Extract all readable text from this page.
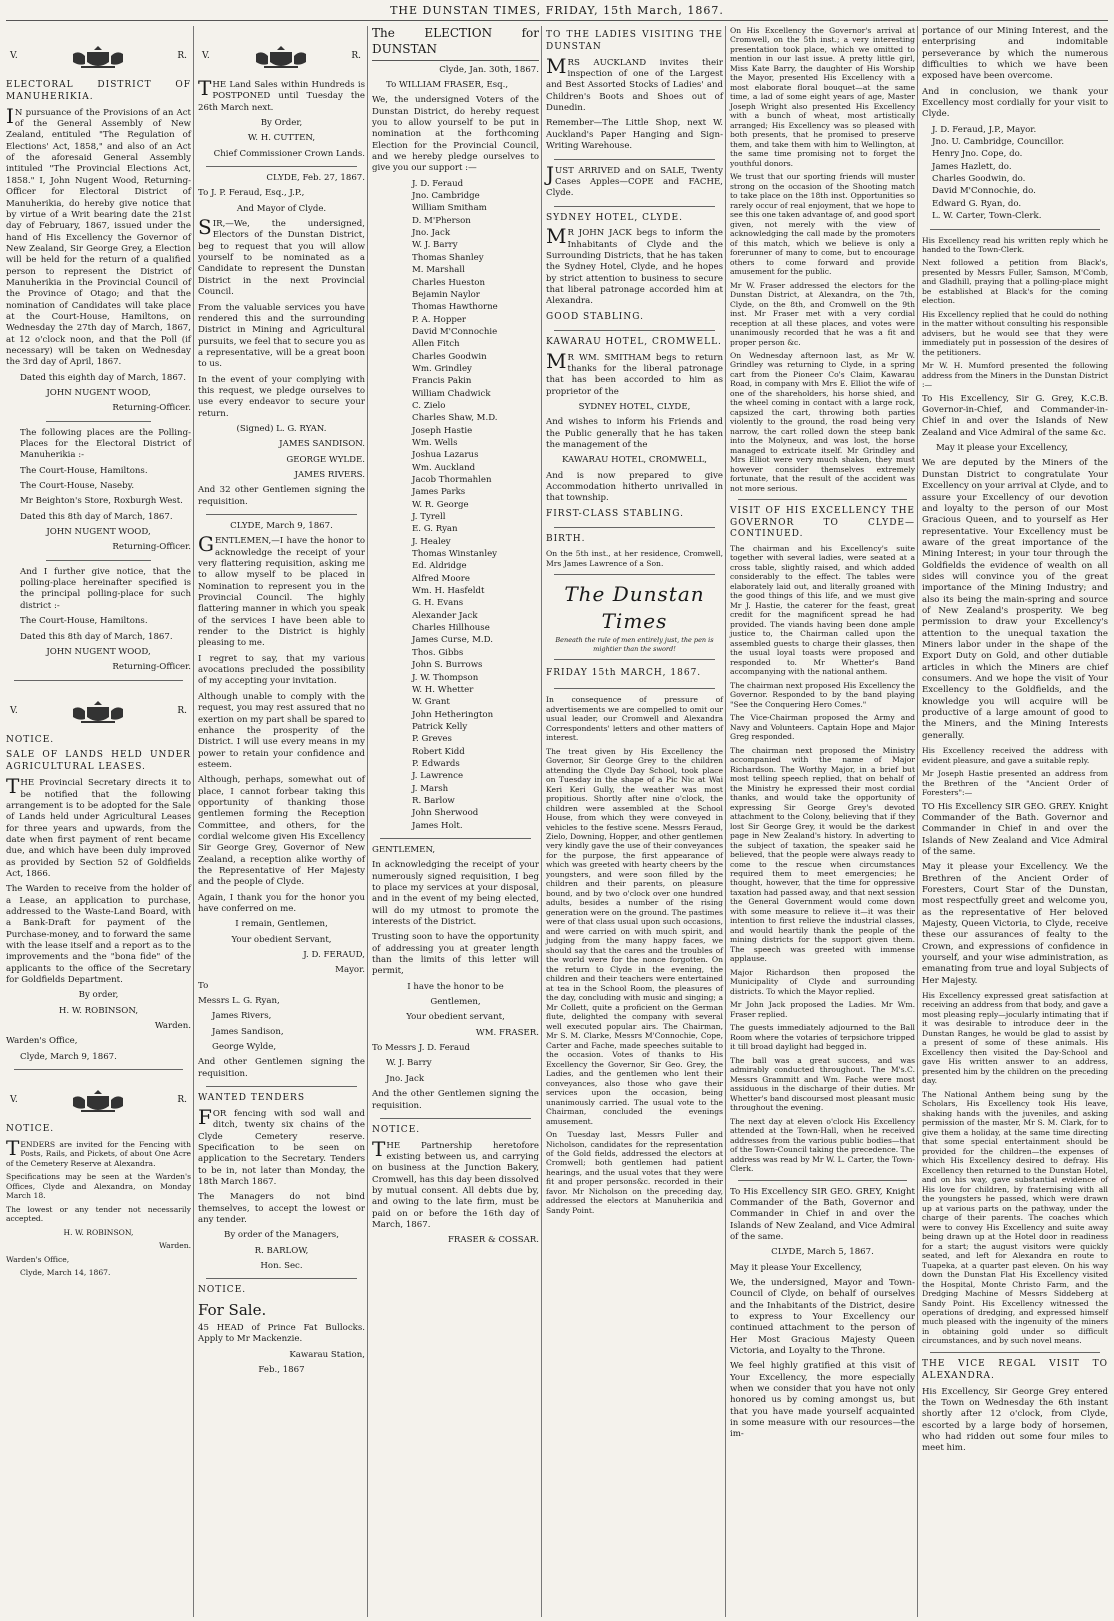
THE DUNSTAN TIMES, FRIDAY, 15th March, 1867.
V.	R.

ELECTORAL DISTRICT OF MANUHERIKIA.

IN pursuance of the Provisions of an Act of the General Assembly of New Zealand, entituled "The Regulation of Elections' Act, 1858," and also of an Act of the aforesaid General Assembly intituled "The Provincial Elections Act, 1858." I, John Nugent Wood, Returning-Officer for Electoral District of Manuherikia, do hereby give notice that by virtue of a Writ bearing date the 21st day of February, 1867, issued under the hand of His Excellency the Governor of New Zealand, Sir George Grey, a Election will be held for the return of a qualified person to represent the District of Manuherikia in the Provincial Council of the Province of Otago; and that the nomination of Candidates will take place at the Court-House, Hamiltons, on Wednesday the 27th day of March, 1867, at 12 o'clock noon, and that the Poll (if necessary) will be taken on Wednesday the 3rd day of April, 1867.

Dated this eighth day of March, 1867.

JOHN NUGENT WOOD,

Returning-Officer.

The following places are the Polling-Places for the Electoral District of Manuherikia :-

The Court-House, Hamiltons.

The Court-House, Naseby.

Mr Beighton's Store, Roxburgh West.

Dated this 8th day of March, 1867.

JOHN NUGENT WOOD,

Returning-Officer.

And I further give notice, that the polling-place hereinafter specified is the principal polling-place for such district :-

The Court-House, Hamiltons.

Dated this 8th day of March, 1867.

JOHN NUGENT WOOD,

Returning-Officer.

V.	R.

NOTICE.

SALE OF LANDS HELD UNDER AGRICULTURAL LEASES.

THE Provincial Secretary directs it to be notified that the following arrangement is to be adopted for the Sale of Lands held under Agricultural Leases for three years and upwards, from the date when first payment of rent became due, and which have been duly improved as provided by Section 52 of Goldfields Act, 1866.

The Warden to receive from the holder of a Lease, an application to purchase, addressed to the Waste-Land Board, with a Bank-Draft for payment of the Purchase-money, and to forward the same with the lease itself and a report as to the improvements and the "bona fide" of the applicants to the office of the Secretary for Goldfields Department.

By order,

H. W. ROBINSON,

Warden.

Warden's Office,

Clyde, March 9, 1867.

V.	R.

NOTICE.

TENDERS are invited for the Fencing with Posts, Rails, and Pickets, of about One Acre of the Cemetery Reserve at Alexandra.

Specifications may be seen at the Warden's Offices, Clyde and Alexandra, on Monday March 18.

The lowest or any tender not necessarily accepted.

H. W. ROBINSON,

Warden.

Warden's Office,

Clyde, March 14, 1867.

V.	R.

THE Land Sales within Hundreds is POSTPONED until Tuesday the 26th March next.

By Order,

W. H. CUTTEN,

Chief Commissioner Crown Lands.

CLYDE, Feb. 27, 1867.

To J. P. Feraud, Esq., J.P.,

And Mayor of Clyde.

SIR,—We, the undersigned, Electors of the Dunstan District, beg to request that you will allow yourself to be nominated as a Candidate to represent the Dunstan District in the next Provincial Council.

From the valuable services you have rendered this and the surrounding District in Mining and Agricultural pursuits, we feel that to secure you as a representative, will be a great boon to us.

In the event of your complying with this request, we pledge ourselves to use every endeavor to secure your return.

(Signed) L. G. RYAN.

JAMES SANDISON.

GEORGE WYLDE.

JAMES RIVERS.

And 32 other Gentlemen signing the requisition.

CLYDE, March 9, 1867.

GENTLEMEN,—I have the honor to acknowledge the receipt of your very flattering requisition, asking me to allow myself to be placed in Nomination to represent you in the Provincial Council. The highly flattering manner in which you speak of the services I have been able to render to the District is highly pleasing to me.

I regret to say, that my various avocations precluded the possibility of my accepting your invitation.

Although unable to comply with the request, you may rest assured that no exertion on my part shall be spared to enhance the prosperity of the District. I will use every means in my power to retain your confidence and esteem.

Although, perhaps, somewhat out of place, I cannot forbear taking this opportunity of thanking those gentlemen forming the Reception Committee, and others, for the cordial welcome given His Excellency Sir George Grey, Governor of New Zealand, a reception alike worthy of the Representative of Her Majesty and the people of Clyde.

Again, I thank you for the honor you have conferred on me.

I remain, Gentlemen,

Your obedient Servant,

J. D. FERAUD,

Mayor.

To

Messrs L. G. Ryan,

James Rivers,

James Sandison,

George Wylde,

And other Gentlemen signing the requisition.

WANTED TENDERS

FOR fencing with sod wall and ditch, twenty six chains of the Clyde Cemetery reserve. Specification to be seen on application to the Secretary. Tenders to be in, not later than Monday, the 18th March 1867.

The Managers do not bind themselves, to accept the lowest or any tender.

By order of the Managers,

R. BARLOW,

Hon. Sec.

NOTICE.

For Sale.

45 HEAD of Prince Fat Bullocks. Apply to Mr Mackenzie.

Kawarau Station,

Feb., 1867

The ELECTION for DUNSTAN

Clyde, Jan. 30th, 1867.

To WILLIAM FRASER, Esq.,

We, the undersigned Voters of the Dunstan District, do hereby request you to allow yourself to be put in nomination at the forthcoming Election for the Provincial Council, and we hereby pledge ourselves to give you our support :—

J. D. Feraud
Jno. Cambridge
William Smitham
D. M'Pherson
Jno. Jack
W. J. Barry
Thomas Shanley
M. Marshall
Charles Hueston
Bejamin Naylor
Thomas Hawthorne
P. A. Hopper
David M'Connochie
Allen Fitch
Charles Goodwin
Wm. Grindley
Francis Pakin
William Chadwick
C. Zielo
Charles Shaw, M.D.
Joseph Hastie
Wm. Wells
Joshua Lazarus
Wm. Auckland
Jacob Thormahlen
James Parks
W. R. George
J. Tyrell
E. G. Ryan
J. Healey
Thomas Winstanley
Ed. Aldridge
Alfred Moore
Wm. H. Hasfeldt
G. H. Evans
Alexander Jack
Charles Hillhouse
James Curse, M.D.
Thos. Gibbs
John S. Burrows
J. W. Thompson
W. H. Whetter
W. Grant
John Hetherington
Patrick Kelly
P. Greves
Robert Kidd
P. Edwards
J. Lawrence
J. Marsh
R. Barlow
John Sherwood
James Holt.

GENTLEMEN,

In acknowledging the receipt of your numerously signed requisition, I beg to place my services at your disposal, and in the event of my being elected, will do my utmost to promote the interests of the District.

Trusting soon to have the opportunity of addressing you at greater length than the limits of this letter will permit,

I have the honor to be

Gentlemen,

Your obedient servant,

WM. FRASER.

To Messrs J. D. Feraud

W. J. Barry

Jno. Jack

And the other Gentlemen signing the requisition.

NOTICE.

THE Partnership heretofore existing between us, and carrying on business at the Junction Bakery, Cromwell, has this day been dissolved by mutual consent. All debts due by, and owing to the late firm, must be paid on or before the 16th day of March, 1867.

FRASER & COSSAR.

TO THE LADIES VISITING THE DUNSTAN

MRS AUCKLAND invites their inspection of one of the Largest and Best Assorted Stocks of Ladies' and Children's Boots and Shoes out of Dunedin.

Remember—The Little Shop, next W. Auckland's Paper Hanging and Sign-Writing Warehouse.

JUST ARRIVED and on SALE, Twenty Cases Apples—COPE and FACHE, Clyde.

SYDNEY HOTEL, CLYDE.

MR JOHN JACK begs to inform the Inhabitants of Clyde and the Surrounding Districts, that he has taken the Sydney Hotel, Clyde, and he hopes by strict attention to business to secure that liberal patronage accorded him at Alexandra.

GOOD STABLING.

KAWARAU HOTEL, CROMWELL.

MR WM. SMITHAM begs to return thanks for the liberal patronage that has been accorded to him as proprietor of the

SYDNEY HOTEL, CLYDE,

And wishes to inform his Friends and the Public generally that he has taken the management of the

KAWARAU HOTEL, CROMWELL,

And is now prepared to give Accommodation hitherto unrivalled in that township.

FIRST-CLASS STABLING.

BIRTH.

On the 5th inst., at her residence, Cromwell, Mrs James Lawrence of a Son.

The Dunstan Times
Beneath the rule of men entirely just, the pen is mightier than the sword!

FRIDAY 15th MARCH, 1867.

In consequence of pressure of advertisements we are compelled to omit our usual leader, our Cromwell and Alexandra Correspondents' letters and other matters of interest.

The treat given by His Excellency the Governor, Sir George Grey to the children attending the Clyde Day School, took place on Tuesday in the shape of a Pic Nic at Wai Keri Keri Gully, the weather was most propitious. Shortly after nine o'clock, the children were assembled at the School House, from which they were conveyed in vehicles to the festive scene. Messrs Feraud, Zielo, Downing, Hopper, and other gentlemen very kindly gave the use of their conveyances for the purpose, the first appearance of which was greeted with hearty cheers by the youngsters, and were soon filled by the children and their parents, on pleasure bound, and by two o'clock over one hundred adults, besides a number of the rising generation were on the ground. The pastimes were of that class usual upon such occasions, and were carried on with much spirit, and judging from the many happy faces, we should say that the cares and the troubles of the world were for the nonce forgotten. On the return to Clyde in the evening, the children and their teachers were entertained at tea in the School Room, the pleasures of the day, concluding with music and singing; a Mr Collett, quite a proficient on the German flute, delighted the company with several well executed popular airs. The Chairman, Mr S. M. Clarke, Messrs M'Connochie, Cope, Carter and Fache, made speeches suitable to the occasion. Votes of thanks to His Excellency the Governor, Sir Geo. Grey, the Ladies, and the gentlemen who lent their conveyances, also those who gave their services upon the occasion, being unanimously carried. The usual vote to the Chairman, concluded the evenings amusement.

On Tuesday last, Messrs Fuller and Nicholson, candidates for the representation of the Gold fields, addressed the electors at Cromwell; both gentlemen had patient hearings, and the usual votes that they were fit and proper persons&c. recorded in their favor. Mr Nicholson on the preceding day, addressed the electors at Manuherikia and Sandy Point.

On His Excellency the Governor's arrival at Cromwell, on the 5th inst.; a very interesting presentation took place, which we omitted to mention in our last issue. A pretty little girl, Miss Kate Barry, the daughter of His Worship the Mayor, presented His Excellency with a most elaborate floral bouquet—at the same time, a lad of some eight years of age, Master Joseph Wright also presented His Excellency with a bunch of wheat, most artistically arranged; His Excellency was so pleased with both presents, that he promised to preserve them, and take them with him to Wellington, at the same time promising not to forget the youthful donors.

We trust that our sporting friends will muster strong on the occasion of the Shooting match to take place on the 18th inst. Opportunities so rarely occur of real enjoyment, that we hope to see this one taken advantage of, and good sport given, not merely with the view of acknowledging the call made by the promoters of this match, which we believe is only a forerunner of many to come, but to encourage others to come forward and provide amusement for the public.

Mr W. Fraser addressed the electors for the Dunstan District, at Alexandra, on the 7th, Clyde, on the 8th, and Cromwell on the 9th inst. Mr Fraser met with a very cordial reception at all these places, and votes were unanimously recorded that he was a fit and proper person &c.

On Wednesday afternoon last, as Mr W. Grindley was returning to Clyde, in a spring cart from the Pioneer Co's Claim, Kawarau Road, in company with Mrs E. Elliot the wife of one of the shareholders, his horse shied, and the wheel coming in contact with a large rock, capsized the cart, throwing both parties violently to the ground, the road being very narrow, the cart rolled down the steep bank into the Molyneux, and was lost, the horse managed to extricate itself. Mr Grindley and Mrs Elliot were very much shaken, they must however consider themselves extremely fortunate, that the result of the accident was not more serious.

VISIT OF HIS EXCELLENCY THE GOVERNOR TO CLYDE—CONTINUED.

The chairman and his Excellency's suite together with several ladies, were seated at a cross table, slightly raised, and which added considerably to the effect. The tables were elaborately laid out, and literally groaned with the good things of this life, and we must give Mr J. Hastie, the caterer for the feast, great credit for the magnificent spread he had provided. The viands having been done ample justice to, the Chairman called upon the assembled guests to charge their glasses, then the usual loyal toasts were proposed and responded to. Mr Whetter's Band accompanying with the national anthem.

The chairman next proposed His Excellency the Governor. Responded to by the band playing "See the Conquering Hero Comes."

The Vice-Chairman proposed the Army and Navy and Volunteers. Captain Hope and Major Greg responded.

The chairman next proposed the Ministry accompanied with the name of Major Richardson. The Worthy Major, in a brief but most telling speech replied, that on behalf of the Ministry he expressed their most cordial thanks, and would take the opportunity of expressing Sir George Grey's devoted attachment to the Colony, believing that if they lost Sir George Grey, it would be the darkest page in New Zealand's history. In adverting to the subject of taxation, the speaker said he believed, that the people were always ready to come to the rescue when circumstances required them to meet emergencies; he thought, however, that the time for oppressive taxation had passed away, and that next session the General Government would come down with some measure to relieve it—it was their intention to first relieve the industrial classes, and would heartily thank the people of the mining districts for the support given them. The speech was greeted with immense applause.

Major Richardson then proposed the Municipality of Clyde and surrounding districts. To which the Mayor replied.

Mr John Jack proposed the Ladies. Mr Wm. Fraser replied.

The guests immediately adjourned to the Ball Room where the votaries of terpsichore tripped it till broad daylight had begged in.

The ball was a great success, and was admirably conducted throughout. The M's.C. Messrs Grammitt and Wm. Fache were most assiduous in the discharge of their duties. Mr Whetter's band discoursed most pleasant music throughout the evening.

The next day at eleven o'clock His Excellency attended at the Town-Hall, when he received addresses from the various public bodies—that of the Town-Council taking the precedence. The address was read by Mr W. L. Carter, the Town-Clerk.

To His Excellency SIR GEO. GREY, Knight Commander of the Bath, Governor and Commander in Chief in and over the Islands of New Zealand, and Vice Admiral of the same.

CLYDE, March 5, 1867.

May it please Your Excellency,

We, the undersigned, Mayor and Town-Council of Clyde, on behalf of ourselves and the Inhabitants of the District, desire to express to Your Excellency our continued attachment to the person of Her Most Gracious Majesty Queen Victoria, and Loyalty to the Throne.

We feel highly gratified at this visit of Your Excellency, the more especially when we consider that you have not only honored us by coming amongst us, but that you have made yourself acquainted in some measure with our resources—the im-

portance of our Mining Interest, and the enterprising and indomitable perseverance by which the numerous difficulties to which we have been exposed have been overcome.

And in conclusion, we thank your Excellency most cordially for your visit to Clyde.

J. D. Feraud, J.P., Mayor.
Jno. U. Cambridge, Councillor.
Henry Jno. Cope, do.
James Hazlett, do.
Charles Goodwin, do.
David M'Connochie, do.
Edward G. Ryan, do.
L. W. Carter, Town-Clerk.

His Excellency read his written reply which he handed to the Town-Clerk.

Next followed a petition from Black's, presented by Messrs Fuller, Samson, M'Comb, and Gladhill, praying that a polling-place might be established at Black's for the coming election.

His Excellency replied that he could do nothing in the matter without consulting his responsible advisers, but he would see that they were immediately put in possession of the desires of the petitioners.

Mr W. H. Mumford presented the following address from the Miners in the Dunstan District :—

To His Excellency, Sir G. Grey, K.C.B. Governor-in-Chief, and Commander-in-Chief in and over the Islands of New Zealand and Vice Admiral of the same &c.

May it please your Excellency,

We are deputed by the Miners of the Dunstan District to congratulate Your Excellency on your arrival at Clyde, and to assure your Excellency of our devotion and loyalty to the person of our Most Gracious Queen, and to yourself as Her representative. Your Excellency must be aware of the great importance of the Mining Interest; in your tour through the Goldfields the evidence of wealth on all sides will convince you of the great importance of the Mining Industry; and also its being the main-spring and source of New Zealand's prosperity. We beg permission to draw your Excellency's attention to the unequal taxation the Miners labor under in the shape of the Export Duty on Gold, and other dutiable articles in which the Miners are chief consumers. And we hope the visit of Your Excellency to the Goldfields, and the knowledge you will acquire will be productive of a large amount of good to the Miners, and the Mining Interests generally.

His Excellency received the address with evident pleasure, and gave a suitable reply.

Mr Joseph Hastie presented an address from the Brethren of the "Ancient Order of Foresters":—

TO His Excellency SIR GEO. GREY. Knight Commander of the Bath. Governor and Commander in Chief in and over the Islands of New Zealand and Vice Admiral of the same.

May it please your Excellency. We the Brethren of the Ancient Order of Foresters, Court Star of the Dunstan, most respectfully greet and welcome you, as the representative of Her beloved Majesty, Queen Victoria, to Clyde, receive these our assurances of fealty to the Crown, and expressions of confidence in yourself, and your wise administration, as emanating from true and loyal Subjects of Her Majesty.

His Excellency expressed great satisfaction at receiving an address from that body, and gave a most pleasing reply—jocularly intimating that if it was desirable to introduce deer in the Dunstan Ranges, he would be glad to assist by a present of some of these animals. His Excellency then visited the Day-School and gave His written answer to an address, presented him by the children on the preceding day.

The National Anthem being sung by the Scholars, His Excellency took His leave, shaking hands with the juveniles, and asking permission of the master, Mr S. M. Clark, for to give them a holiday, at the same time directing that some special entertainment should be provided for the children—the expenses of which His Excellency desired to defray. His Excellency then returned to the Dunstan Hotel, and on his way, gave substantial evidence of His love for children, by fraternising with all the youngsters he passed, which were drawn up at various parts on the pathway, under the charge of their parents. The coaches which were to convey His Excellency and suite away being drawn up at the Hotel door in readiness for a start; the august visitors were quickly seated, and left for Alexandra en route to Tuapeka, at a quarter past eleven. On his way down the Dunstan Flat His Excellency visited the Hospital, Monte Christo Farm, and the Dredging Machine of Messrs Siddeberg at Sandy Point. His Excellency witnessed the operations of dredging, and expressed himself much pleased with the ingenuity of the miners in obtaining gold under so difficult circumstances, and by such novel means.

THE VICE REGAL VISIT TO ALEXANDRA.

His Excellency, Sir George Grey entered the Town on Wednesday the 6th instant shortly after 12 o'clock, from Clyde, escorted by a large body of horsemen, who had ridden out some four miles to meet him.
